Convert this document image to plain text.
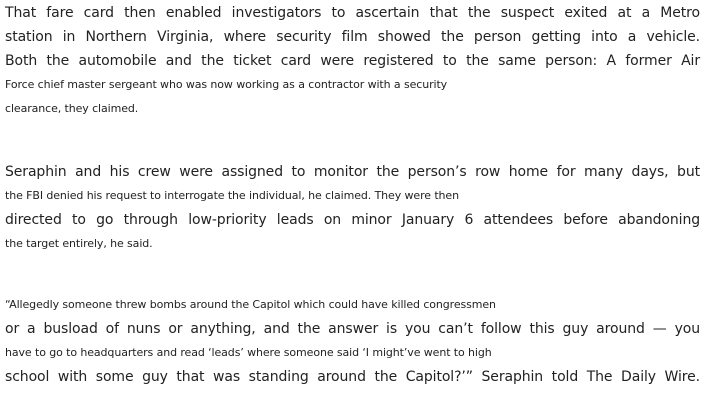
That fare card then enabled investigators to ascertain that the suspect exited at a Metro
station in Northern Virginia, where security film showed the person getting into a vehicle.
Both the automobile and the ticket card were registered to the same person: A former Air
Force chief master sergeant who was now working as a contractor with a security
clearance, they claimed.

Seraphin and his crew were assigned to monitor the person’s row home for many days, but
the FBI denied his request to interrogate the individual, he claimed. They were then
directed to go through low-priority leads on minor January 6 attendees before abandoning
the target entirely, he said.

“Allegedly someone threw bombs around the Capitol which could have killed congressmen
or a busload of nuns or anything, and the answer is you can’t follow this guy around — you
have to go to headquarters and read ‘leads’ where someone said ‘I might’ve went to high
school with some guy that was standing around the Capitol?’” Seraphin told The Daily Wire.
